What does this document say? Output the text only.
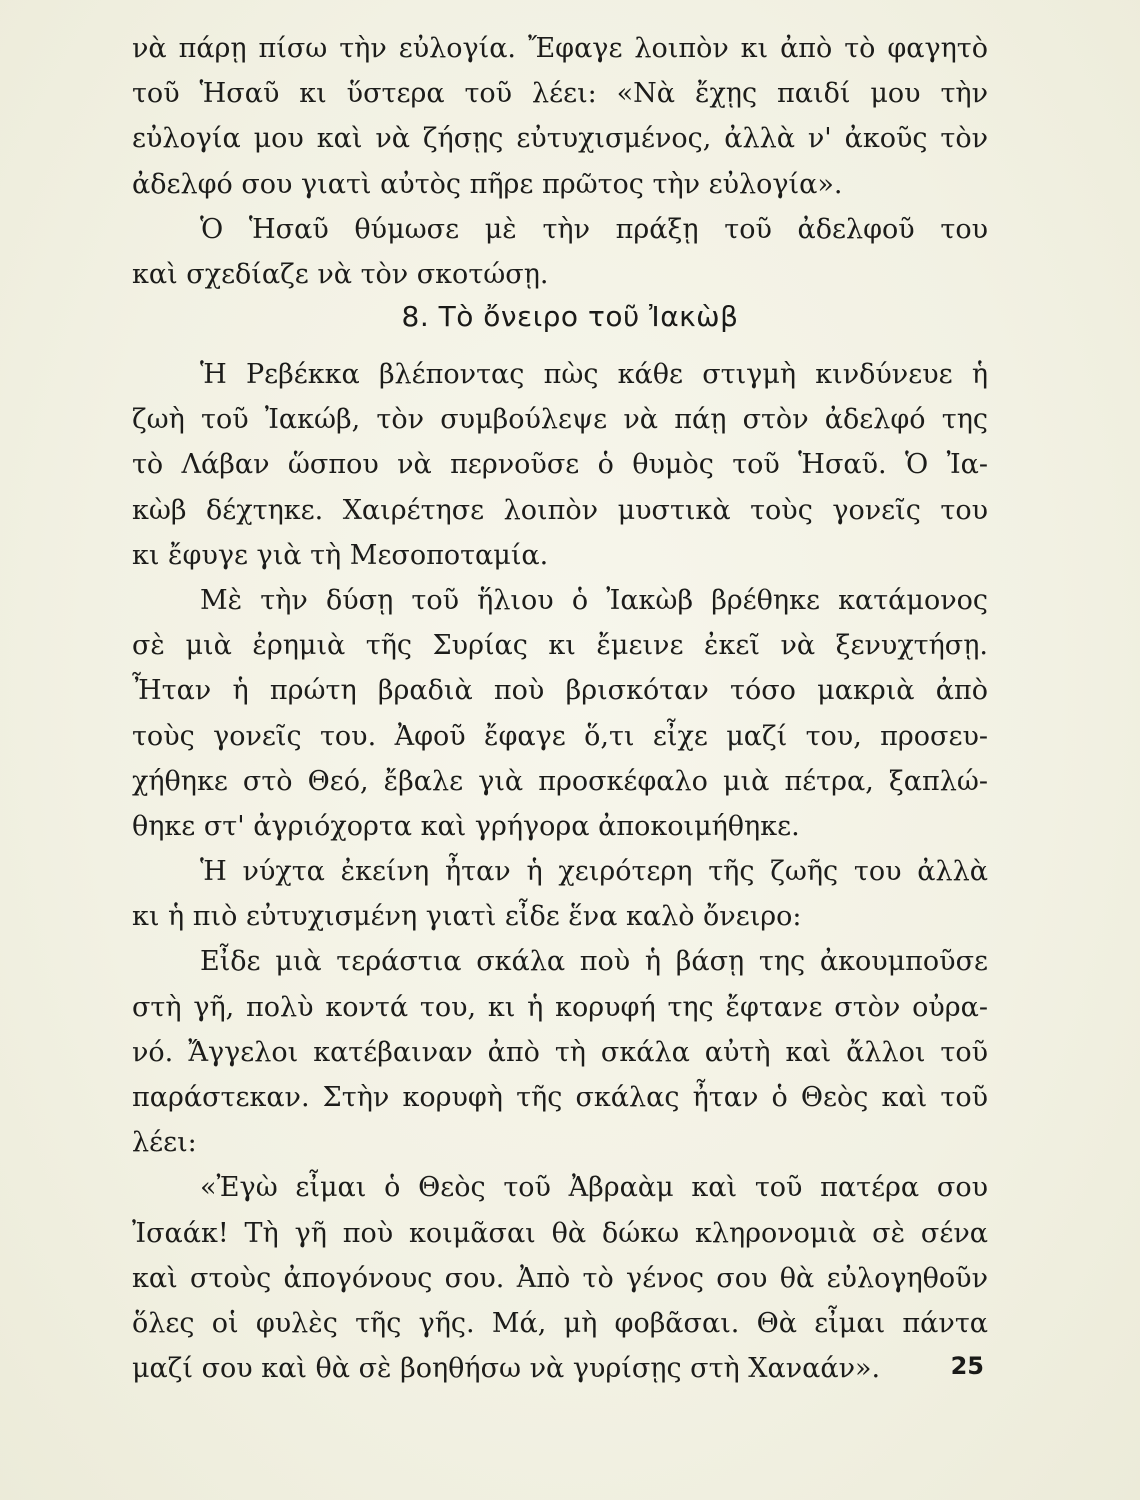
νὰ πάρῃ πίσω τὴν εὐλογία. Ἔφαγε λοιπὸν κι ἀπὸ τὸ φαγητὸ
τοῦ Ἡσαῦ κι ὕστερα τοῦ λέει: «Νὰ ἔχῃς παιδί μου τὴν
εὐλογία μου καὶ νὰ ζήσῃς εὐτυχισμένος, ἀλλὰ ν' ἀκοῦς τὸν
ἀδελφό σου γιατὶ αὐτὸς πῆρε πρῶτος τὴν εὐλογία».
Ὁ Ἡσαῦ θύμωσε μὲ τὴν πράξῃ τοῦ ἀδελφοῦ του
καὶ σχεδίαζε νὰ τὸν σκοτώσῃ.
8. Τὸ ὄνειρο τοῦ Ἰακὼβ
Ἡ Ρεβέκκα βλέποντας πὼς κάθε στιγμὴ κινδύνευε ἡ
ζωὴ τοῦ Ἰακώβ, τὸν συμβούλεψε νὰ πάῃ στὸν ἀδελφό της
τὸ Λάβαν ὥσπου νὰ περνοῦσε ὁ θυμὸς τοῦ Ἡσαῦ. Ὁ Ἰα-
κὼβ δέχτηκε. Χαιρέτησε λοιπὸν μυστικὰ τοὺς γονεῖς του
κι ἔφυγε γιὰ τὴ Μεσοποταμία.
Μὲ τὴν δύσῃ τοῦ ἥλιου ὁ Ἰακὼβ βρέθηκε κατάμονος
σὲ μιὰ ἐρημιὰ τῆς Συρίας κι ἔμεινε ἐκεῖ νὰ ξενυχτήσῃ.
Ἦταν ἡ πρώτη βραδιὰ ποὺ βρισκόταν τόσο μακριὰ ἀπὸ
τοὺς γονεῖς του. Ἀφοῦ ἔφαγε ὅ,τι εἶχε μαζί του, προσευ-
χήθηκε στὸ Θεό, ἔβαλε γιὰ προσκέφαλο μιὰ πέτρα, ξαπλώ-
θηκε στ' ἀγριόχορτα καὶ γρήγορα ἀποκοιμήθηκε.
Ἡ νύχτα ἐκείνη ἦταν ἡ χειρότερη τῆς ζωῆς του ἀλλὰ
κι ἡ πιὸ εὐτυχισμένη γιατὶ εἶδε ἕνα καλὸ ὄνειρο:
Εἶδε μιὰ τεράστια σκάλα ποὺ ἡ βάσῃ της ἀκουμποῦσε
στὴ γῆ, πολὺ κοντά του, κι ἡ κορυφή της ἔφτανε στὸν οὐρα-
νό. Ἄγγελοι κατέβαιναν ἀπὸ τὴ σκάλα αὐτὴ καὶ ἄλλοι τοῦ
παράστεκαν. Στὴν κορυφὴ τῆς σκάλας ἦταν ὁ Θεὸς καὶ τοῦ
λέει:
«Ἐγὼ εἶμαι ὁ Θεὸς τοῦ Ἀβραὰμ καὶ τοῦ πατέρα σου
Ἰσαάκ! Τὴ γῆ ποὺ κοιμᾶσαι θὰ δώκω κληρονομιὰ σὲ σένα
καὶ στοὺς ἀπογόνους σου. Ἀπὸ τὸ γένος σου θὰ εὐλογηθοῦν
ὅλες οἱ φυλὲς τῆς γῆς. Μά, μὴ φοβᾶσαι. Θὰ εἶμαι πάντα
μαζί σου καὶ θὰ σὲ βοηθήσω νὰ γυρίσῃς στὴ Χαναάν».	25
